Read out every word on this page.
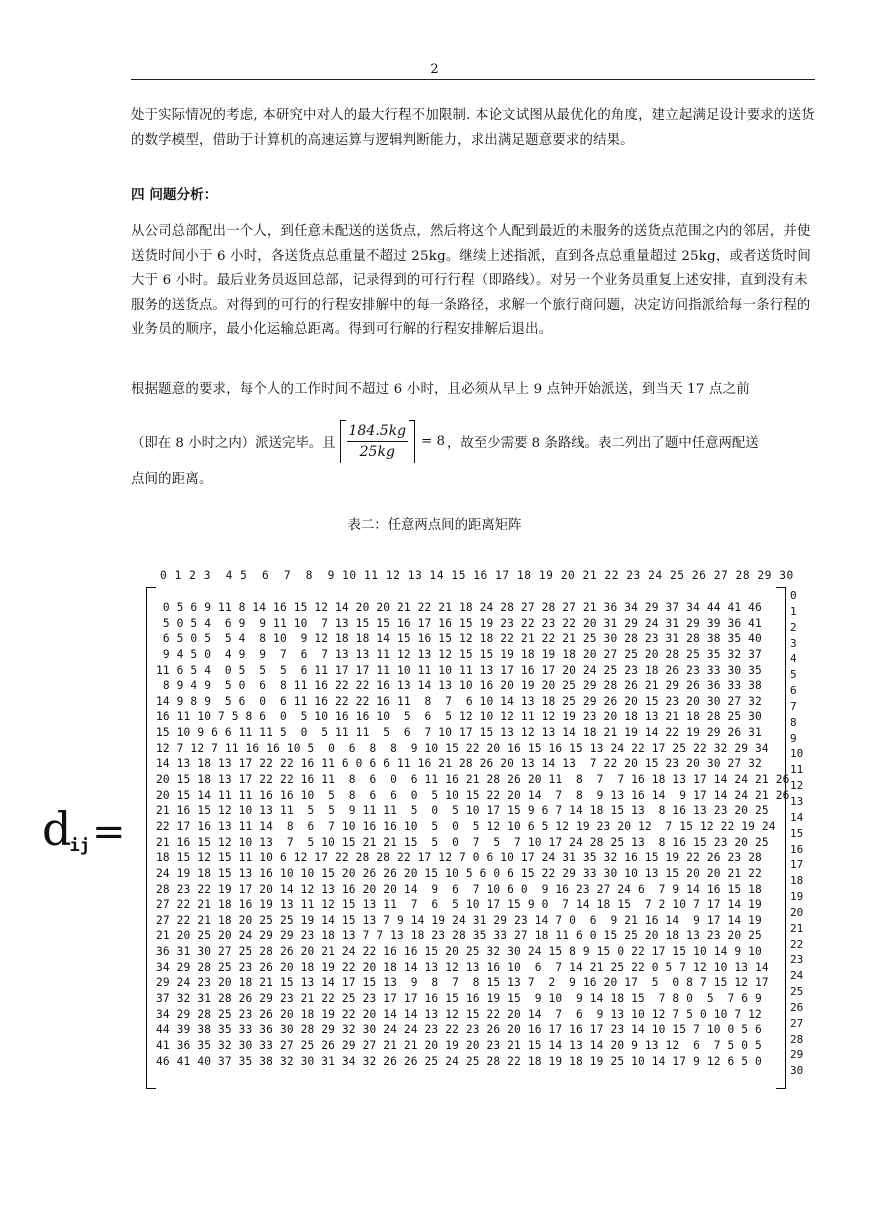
2
处于实际情况的考虑, 本研究中对人的最大行程不加限制. 本论文试图从最优化的角度，建立起满足设计要求的送货的数学模型，借助于计算机的高速运算与逻辑判断能力，求出满足题意要求的结果。
四 问题分析：
从公司总部配出一个人，到任意未配送的送货点，然后将这个人配到最近的未服务的送货点范围之内的邻居，并使送货时间小于 6 小时，各送货点总重量不超过 25kg。继续上述指派，直到各点总重量超过 25kg，或者送货时间大于 6 小时。最后业务员返回总部，记录得到的可行行程（即路线）。对另一个业务员重复上述安排，直到没有未服务的送货点。对得到的可行的行程安排解中的每一条路径，求解一个旅行商问题，决定访问指派给每一条行程的业务员的顺序，最小化运输总距离。得到可行解的行程安排解后退出。
根据题意的要求，每个人的工作时间不超过 6 小时，且必须从早上 9 点钟开始派送，到当天 17 点之前
（即在 8 小时之内）派送完毕。且 $\frac{184.5kg}{25kg} = 8$ ，故至少需要 8 条路线。表二列出了题中任意两配送
点间的距离。
表二：任意两点间的距离矩阵
$d_{ij}=$
0 1 2 3  4 5  6  7  8  9 10 11 12 13 14 15 16 17 18 19 20 21 22 23 24 25 26 27 28 29 30
0 5 6 9 11 8 14 16 15 12 14 20 20 21 22 21 18 24 28 27 28 27 21 36 34 29 37 34 44 41 46
5 0 5 4  6 9  9 11 10  7 13 15 15 16 17 16 15 19 23 22 23 22 20 31 29 24 31 29 39 36 41
6 5 0 5  5 4  8 10  9 12 18 18 14 15 16 15 12 18 22 21 22 21 25 30 28 23 31 28 38 35 40
9 4 5 0  4 9  9  7  6  7 13 13 11 12 13 12 15 15 19 18 19 18 20 27 25 20 28 25 35 32 37
11 6 5 4  0 5  5  5  6 11 17 17 11 10 11 10 11 13 17 16 17 20 24 25 23 18 26 23 33 30 35
8 9 4 9  5 0  6  8 11 16 22 22 16 13 14 13 10 16 20 19 20 25 29 28 26 21 29 26 36 33 38
14 9 8 9  5 6  0  6 11 16 22 22 16 11  8  7  6 10 14 13 18 25 29 26 20 15 23 20 30 27 32
16 11 10 7 5 8 6  0  5 10 16 16 10  5  6  5 12 10 12 11 12 19 23 20 18 13 21 18 28 25 30
15 10 9 6 6 11 11 5  0  5 11 11  5  6  7 10 17 15 13 12 13 14 18 21 19 14 22 19 29 26 31
12 7 12 7 11 16 16 10 5  0  6  8  8  9 10 15 22 20 16 15 16 15 13 24 22 17 25 22 32 29 34
14 13 18 13 17 22 22 16 11 6 0 6 6 11 16 21 28 26 20 13 14 13  7 22 20 15 23 20 30 27 32
20 15 18 13 17 22 22 16 11  8  6  0  6 11 16 21 28 26 20 11  8  7  7 16 18 13 17 14 24 21 26
20 15 14 11 11 16 16 10  5  8  6  6  0  5 10 15 22 20 14  7  8  9 13 16 14  9 17 14 24 21 26
21 16 15 12 10 13 11  5  5  9 11 11  5  0  5 10 17 15 9 6 7 14 18 15 13  8 16 13 23 20 25
22 17 16 13 11 14  8  6  7 10 16 16 10  5  0  5 12 10 6 5 12 19 23 20 12  7 15 12 22 19 24
21 16 15 12 10 13  7  5 10 15 21 21 15  5  0  7  5  7 10 17 24 28 25 13  8 16 15 23 20 25
18 15 12 15 11 10 6 12 17 22 28 28 22 17 12 7 0 6 10 17 24 31 35 32 16 15 19 22 26 23 28
24 19 18 15 13 16 10 10 15 20 26 26 20 15 10 5 6 0 6 15 22 29 33 30 10 13 15 20 20 21 22
28 23 22 19 17 20 14 12 13 16 20 20 14  9  6  7 10 6 0  9 16 23 27 24 6  7 9 14 16 15 18
27 22 21 18 16 19 13 11 12 15 13 11  7  6  5 10 17 15 9 0  7 14 18 15  7 2 10 7 17 14 19
27 22 21 18 20 25 25 19 14 15 13 7 9 14 19 24 31 29 23 14 7 0  6  9 21 16 14  9 17 14 19
21 20 25 20 24 29 29 23 18 13 7 7 13 18 23 28 35 33 27 18 11 6 0 15 25 20 18 13 23 20 25
36 31 30 27 25 28 26 20 21 24 22 16 16 15 20 25 32 30 24 15 8 9 15 0 22 17 15 10 14 9 10
34 29 28 25 23 26 20 18 19 22 20 18 14 13 12 13 16 10  6  7 14 21 25 22 0 5 7 12 10 13 14
29 24 23 20 18 21 15 13 14 17 15 13  9  8  7  8 15 13 7  2  9 16 20 17  5  0 8 7 15 12 17
37 32 31 28 26 29 23 21 22 25 23 17 17 16 15 16 19 15  9 10  9 14 18 15  7 8 0  5  7 6 9
34 29 28 25 23 26 20 18 19 22 20 14 14 13 12 15 22 20 14  7  6  9 13 10 12 7 5 0 10 7 12
44 39 38 35 33 36 30 28 29 32 30 24 24 23 22 23 26 20 16 17 16 17 23 14 10 15 7 10 0 5 6
41 36 35 32 30 33 27 25 26 29 27 21 21 20 19 20 23 21 15 14 13 14 20 9 13 12  6  7 5 0 5
46 41 40 37 35 38 32 30 31 34 32 26 26 25 24 25 28 22 18 19 18 19 25 10 14 17 9 12 6 5 0
0
1
2
3
4
5
6
7
8
9
10
11
12
13
14
15
16
17
18
19
20
21
22
23
24
25
26
27
28
29
30
